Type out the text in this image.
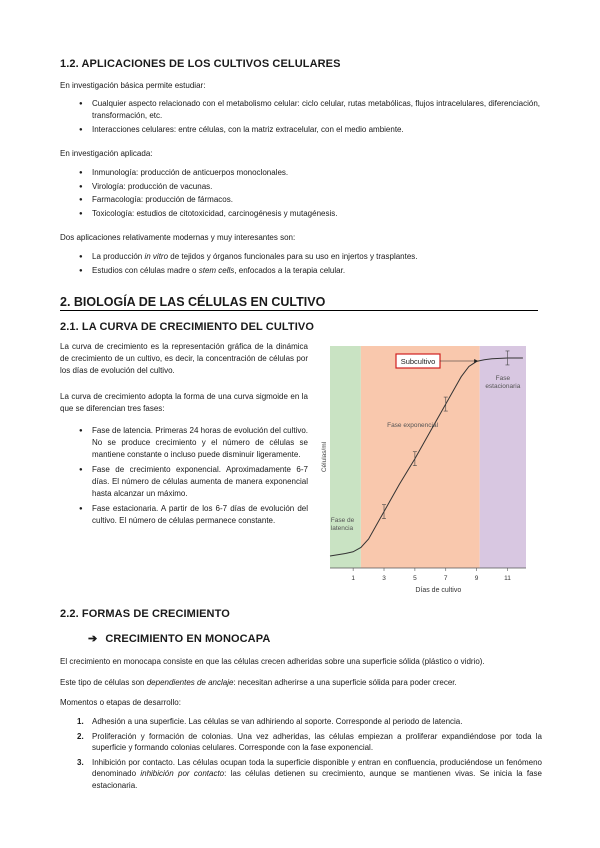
1.2. APLICACIONES DE LOS CULTIVOS CELULARES
En investigación básica permite estudiar:
● Cualquier aspecto relacionado con el metabolismo celular: ciclo celular, rutas metabólicas, flujos intracelulares, diferenciación, transformación, etc.
● Interacciones celulares: entre células, con la matriz extracelular, con el medio ambiente.
En investigación aplicada:
● Inmunología: producción de anticuerpos monoclonales.
● Virología: producción de vacunas.
● Farmacología: producción de fármacos.
● Toxicología: estudios de citotoxicidad, carcinogénesis y mutagénesis.
Dos aplicaciones relativamente modernas y muy interesantes son:
● La producción in vitro de tejidos y órganos funcionales para su uso en injertos y trasplantes.
● Estudios con células madre o stem cells, enfocados a la terapia celular.
2. BIOLOGÍA DE LAS CÉLULAS EN CULTIVO
2.1. LA CURVA DE CRECIMIENTO DEL CULTIVO
La curva de crecimiento es la representación gráfica de la dinámica de crecimiento de un cultivo, es decir, la concentración de células por los días de evolución del cultivo.
La curva de crecimiento adopta la forma de una curva sigmoide en la que se diferencian tres fases:
● Fase de latencia. Primeras 24 horas de evolución del cultivo. No se produce crecimiento y el número de células se mantiene constante o incluso puede disminuir ligeramente.
● Fase de crecimiento exponencial. Aproximadamente 6-7 días. El número de células aumenta de manera exponencial hasta alcanzar un máximo.
● Fase estacionaria. A partir de los 6-7 días de evolución del cultivo. El número de células permanece constante.
1	3	5	7	9	11
Fase de latencia
Fase exponencial
Fase estacionaria
Subcultivo
Células/ml
Días de cultivo
2.2. FORMAS DE CRECIMIENTO
➔ CRECIMIENTO EN MONOCAPA
El crecimiento en monocapa consiste en que las células crecen adheridas sobre una superficie sólida (plástico o vidrio).
Este tipo de células son dependientes de anclaje: necesitan adherirse a una superficie sólida para poder crecer.
Momentos o etapas de desarrollo:
1. Adhesión a una superficie. Las células se van adhiriendo al soporte. Corresponde al periodo de latencia.
2. Proliferación y formación de colonias. Una vez adheridas, las células empiezan a proliferar expandiéndose por toda la superficie y formando colonias celulares. Corresponde con la fase exponencial.
3. Inhibición por contacto. Las células ocupan toda la superficie disponible y entran en confluencia, produciéndose un fenómeno denominado inhibición por contacto: las células detienen su crecimiento, aunque se mantienen vivas. Se inicia la fase estacionaria.
